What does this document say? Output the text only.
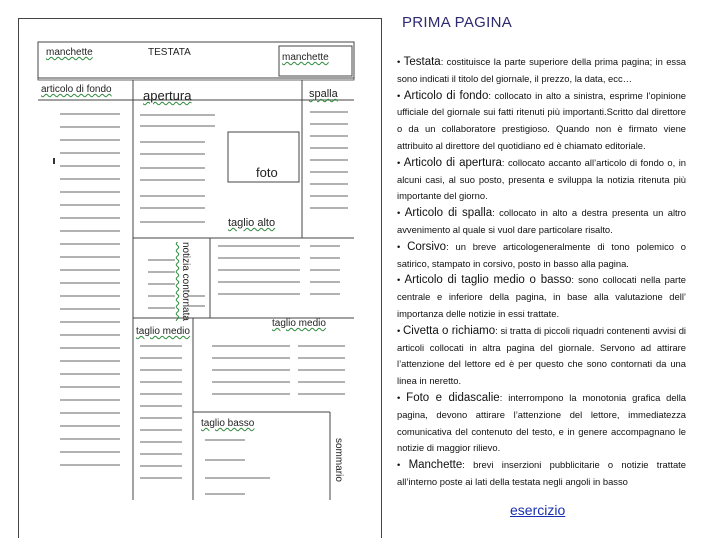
manchette	TESTATA	manchette
articolo di fondo apertura	spalla
foto
taglio alto
notizia contornata
taglio medio
taglio medio
taglio basso
sommario
PRIMA PAGINA

• Testata: costituisce la parte superiore della prima pagina; in essa sono indicati il titolo del giornale, il prezzo, la data, ecc…

• Articolo di fondo: collocato in alto a sinistra, esprime l’opinione ufficiale del giornale sui fatti ritenuti più importanti.Scritto dal direttore o da un collaboratore prestigioso. Quando non è firmato viene attribuito al direttore del quotidiano ed è chiamato editoriale.

• Articolo di apertura: collocato accanto all’articolo di fondo o, in alcuni casi, al suo posto, presenta e sviluppa la notizia ritenuta più importante del giorno.

• Articolo di spalla: collocato in alto a destra presenta un altro avvenimento al quale si vuol dare particolare risalto.

• Corsivo: un breve articologeneralmente di tono polemico o satirico, stampato in corsivo, posto in basso alla pagina.

• Articolo di taglio medio o basso: sono collocati nella parte centrale e inferiore della pagina, in base alla valutazione dell’ importanza delle notizie in essi trattate.

• Civetta o richiamo: si tratta di piccoli riquadri contenenti avvisi di articoli collocati in altra pagina del giornale. Servono ad attirare l’attenzione del lettore ed è per questo che sono contornati da una linea in neretto.

• Foto e didascalie: interrompono la monotonia grafica della pagina, devono attirare l’attenzione del lettore, immediatezza comunicativa del contenuto del testo, e in genere accompagnano le notizie di maggior rilievo.

• Manchette: brevi inserzioni pubblicitarie o notizie trattate all’interno poste ai lati della testata negli angoli in basso

esercizio
